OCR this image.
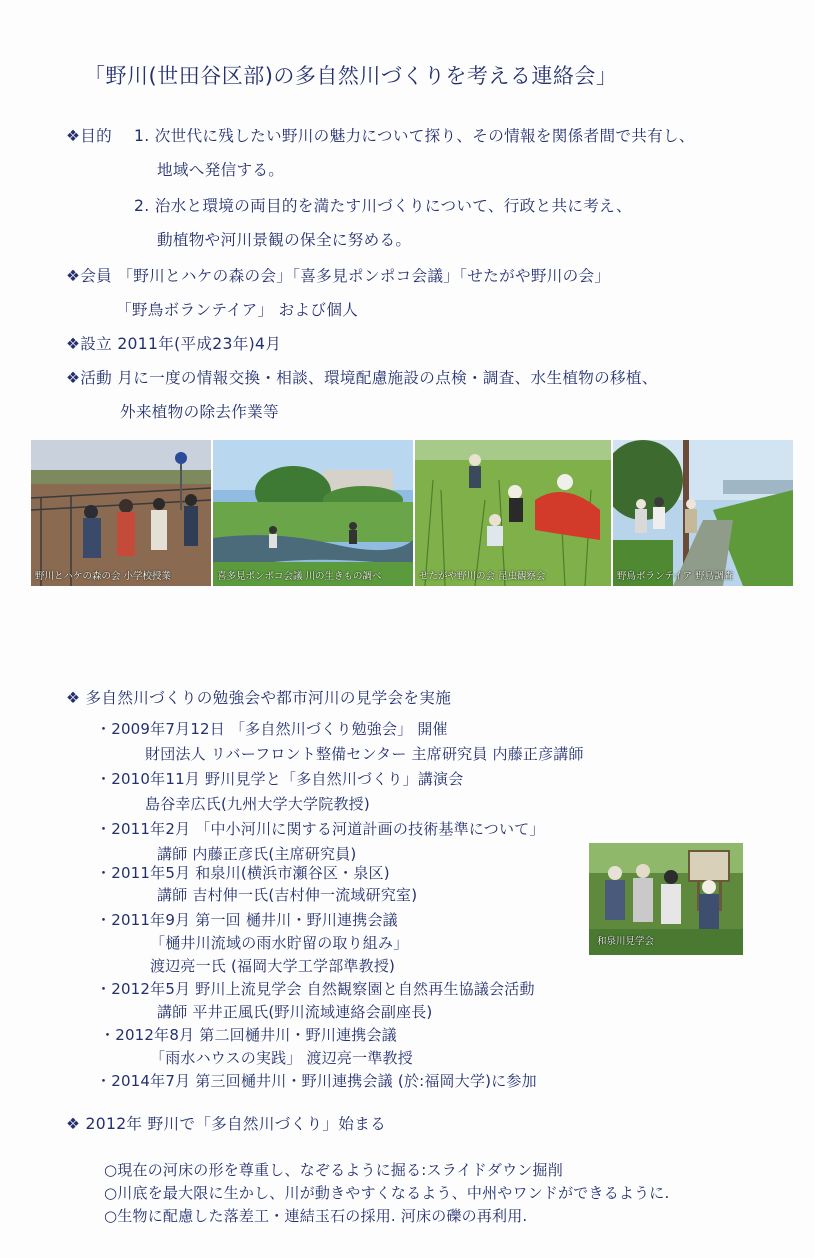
「野川(世田谷区部)の多自然川づくりを考える連絡会」
❖目的 1. 次世代に残したい野川の魅力について探り、その情報を関係者間で共有し、
地域へ発信する。
2. 治水と環境の両目的を満たす川づくりについて、行政と共に考え、
動植物や河川景観の保全に努める。
❖会員 「野川とハケの森の会」「喜多見ポンポコ会議」「せたがや野川の会」
「野鳥ボランテイア」 および個人
❖設立 2011年(平成23年)4月
❖活動 月に一度の情報交換・相談、環境配慮施設の点検・調査、水生植物の移植、
外来植物の除去作業等
野川とハケの森の会 小学校授業	喜多見ポンポコ会議 川の生きもの調べ	せたがや野川の会 昆虫観察会	野鳥ボランテイア 野鳥調査
❖ 多自然川づくりの勉強会や都市河川の見学会を実施
・2009年7月12日 「多自然川づくり勉強会」 開催
財団法人 リバーフロント整備センター 主席研究員 内藤正彦講師
・2010年11月 野川見学と「多自然川づくり」講演会
島谷幸広氏(九州大学大学院教授)
・2011年2月 「中小河川に関する河道計画の技術基準について」
講師 内藤正彦氏(主席研究員)
・2011年5月 和泉川(横浜市瀬谷区・泉区)
講師 吉村伸一氏(吉村伸一流域研究室)
・2011年9月 第一回 樋井川・野川連携会議
「樋井川流域の雨水貯留の取り組み」
渡辺亮一氏 (福岡大学工学部準教授)
・2012年5月 野川上流見学会 自然観察園と自然再生協議会活動
講師 平井正風氏(野川流域連絡会副座長)
・2012年8月 第二回樋井川・野川連携会議
「雨水ハウスの実践」 渡辺亮一準教授
・2014年7月 第三回樋井川・野川連携会議 (於:福岡大学)に参加
和泉川見学会
❖ 2012年 野川で「多自然川づくり」始まる
○現在の河床の形を尊重し、なぞるように掘る:スライドダウン掘削
○川底を最大限に生かし、川が動きやすくなるよう、中州やワンドができるように.
○生物に配慮した落差工・連結玉石の採用. 河床の礫の再利用.
